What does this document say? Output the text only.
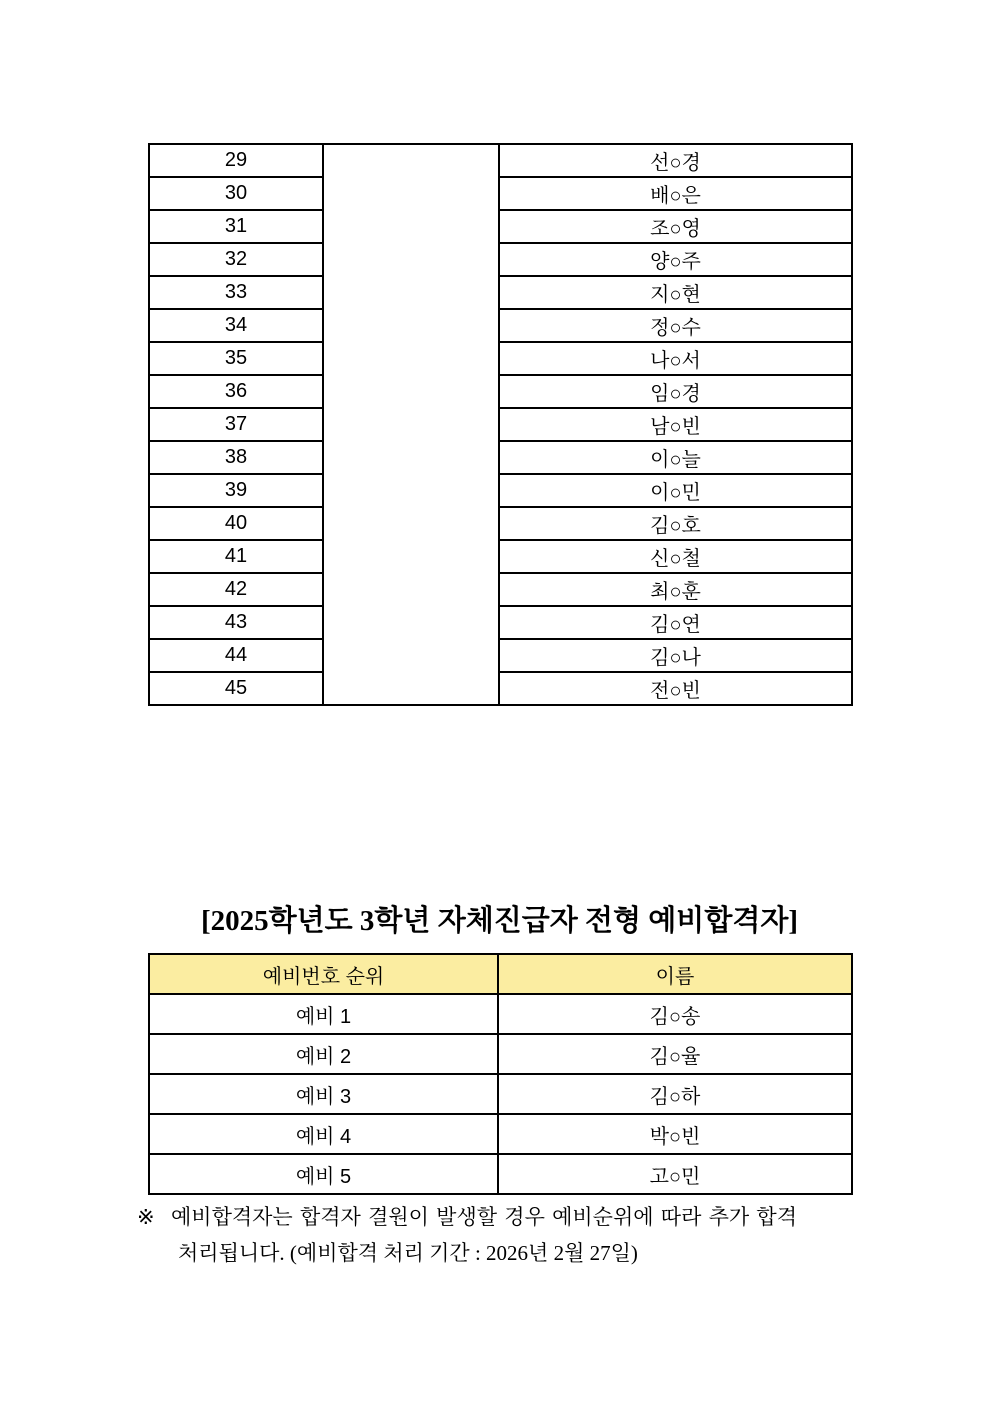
29		선○경
30		배○은
31		조○영
32		양○주
33		지○현
34		정○수
35		나○서
36		임○경
37		남○빈
38		이○늘
39		이○민
40		김○호
41		신○철
42		최○훈
43		김○연
44		김○나
45		전○빈
[2025학년도 3학년 자체진급자 전형 예비합격자]
예비번호 순위	이름
예비 1	김○송
예비 2	김○율
예비 3	김○하
예비 4	박○빈
예비 5	고○민
※ 예비합격자는 합격자 결원이 발생할 경우 예비순위에 따라 추가 합격
처리됩니다. (예비합격 처리 기간 : 2026년 2월 27일)
